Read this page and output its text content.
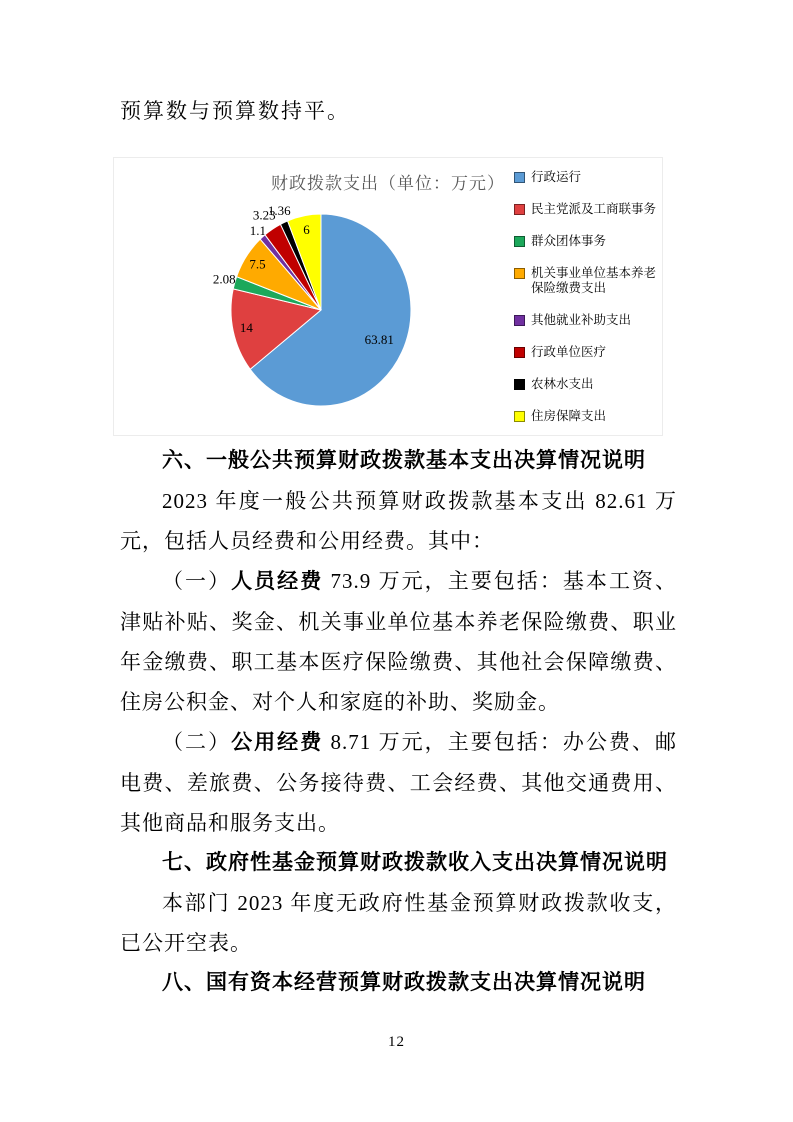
预算数与预算数持平。

财政拨款支出（单位：万元）
63.81
14
2.08
7.5
1.1
3.23
1.36
6
行政运行
民主党派及工商联事务
群众团体事务
机关事业单位基本养老保险缴费支出
其他就业补助支出
行政单位医疗
农林水支出
住房保障支出

六、一般公共预算财政拨款基本支出决算情况说明

2023 年度一般公共预算财政拨款基本支出 82.61 万元，包括人员经费和公用经费。其中：

（一）人员经费 73.9 万元，主要包括：基本工资、津贴补贴、奖金、机关事业单位基本养老保险缴费、职业年金缴费、职工基本医疗保险缴费、其他社会保障缴费、住房公积金、对个人和家庭的补助、奖励金。

（二）公用经费 8.71 万元，主要包括：办公费、邮电费、差旅费、公务接待费、工会经费、其他交通费用、其他商品和服务支出。

七、政府性基金预算财政拨款收入支出决算情况说明

本部门 2023 年度无政府性基金预算财政拨款收支，已公开空表。

八、国有资本经营预算财政拨款支出决算情况说明

12
